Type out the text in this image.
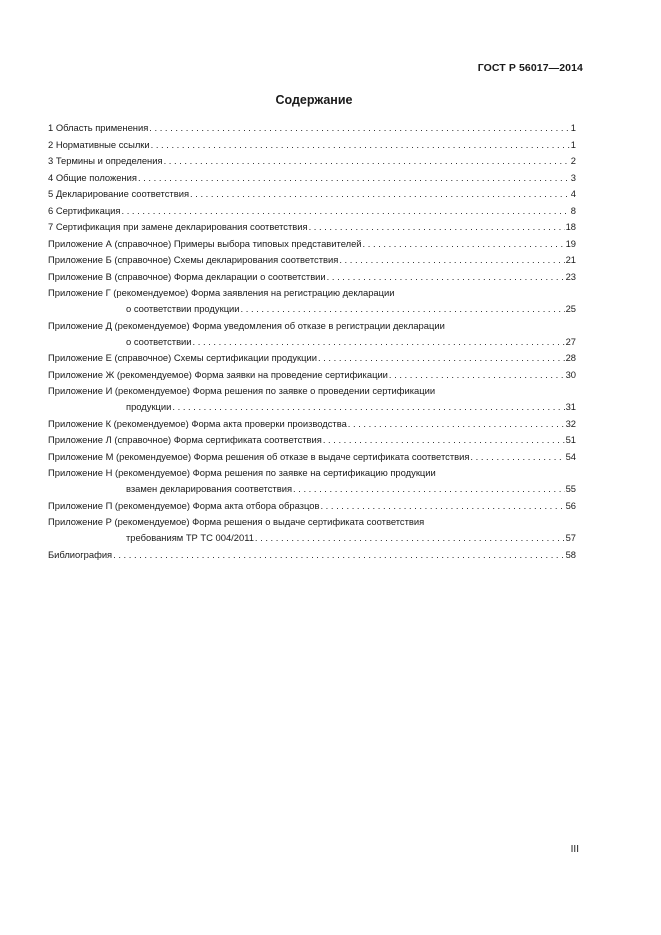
ГОСТ Р 56017—2014
Содержание
1 Область применения . . .	1
2 Нормативные ссылки . . .	1
3 Термины и определения . . .	2
4 Общие положения . . .	3
5 Декларирование соответствия . . .	4
6 Сертификация . . .	8
7 Сертификация при замене декларирования соответствия . . .	18
Приложение А (справочное) Примеры выбора типовых представителей . . .	19
Приложение Б (справочное) Схемы декларирования соответствия . . .	21
Приложение В (справочное) Форма декларации о соответствии . . .	23
Приложение Г (рекомендуемое) Форма заявления на регистрацию декларации
о соответствии продукции . . .	25
Приложение Д (рекомендуемое) Форма уведомления об отказе в регистрации декларации
о соответствии . . .	27
Приложение Е (справочное) Схемы сертификации продукции . . .	28
Приложение Ж (рекомендуемое) Форма заявки на проведение сертификации . . .	30
Приложение И (рекомендуемое) Форма решения по заявке о проведении сертификации
продукции . . .	31
Приложение К (рекомендуемое) Форма акта проверки производства . . .	32
Приложение Л (справочное) Форма сертификата соответствия . . .	51
Приложение М (рекомендуемое) Форма решения об отказе в выдаче сертификата соответствия . . .	54
Приложение Н (рекомендуемое) Форма решения по заявке на сертификацию продукции
взамен декларирования соответствия . . .	55
Приложение П (рекомендуемое) Форма акта отбора образцов . . .	56
Приложение Р (рекомендуемое) Форма решения о выдаче сертификата соответствия
требованиям ТР ТС 004/2011 . . .	57
Библиография . . .	58
III
